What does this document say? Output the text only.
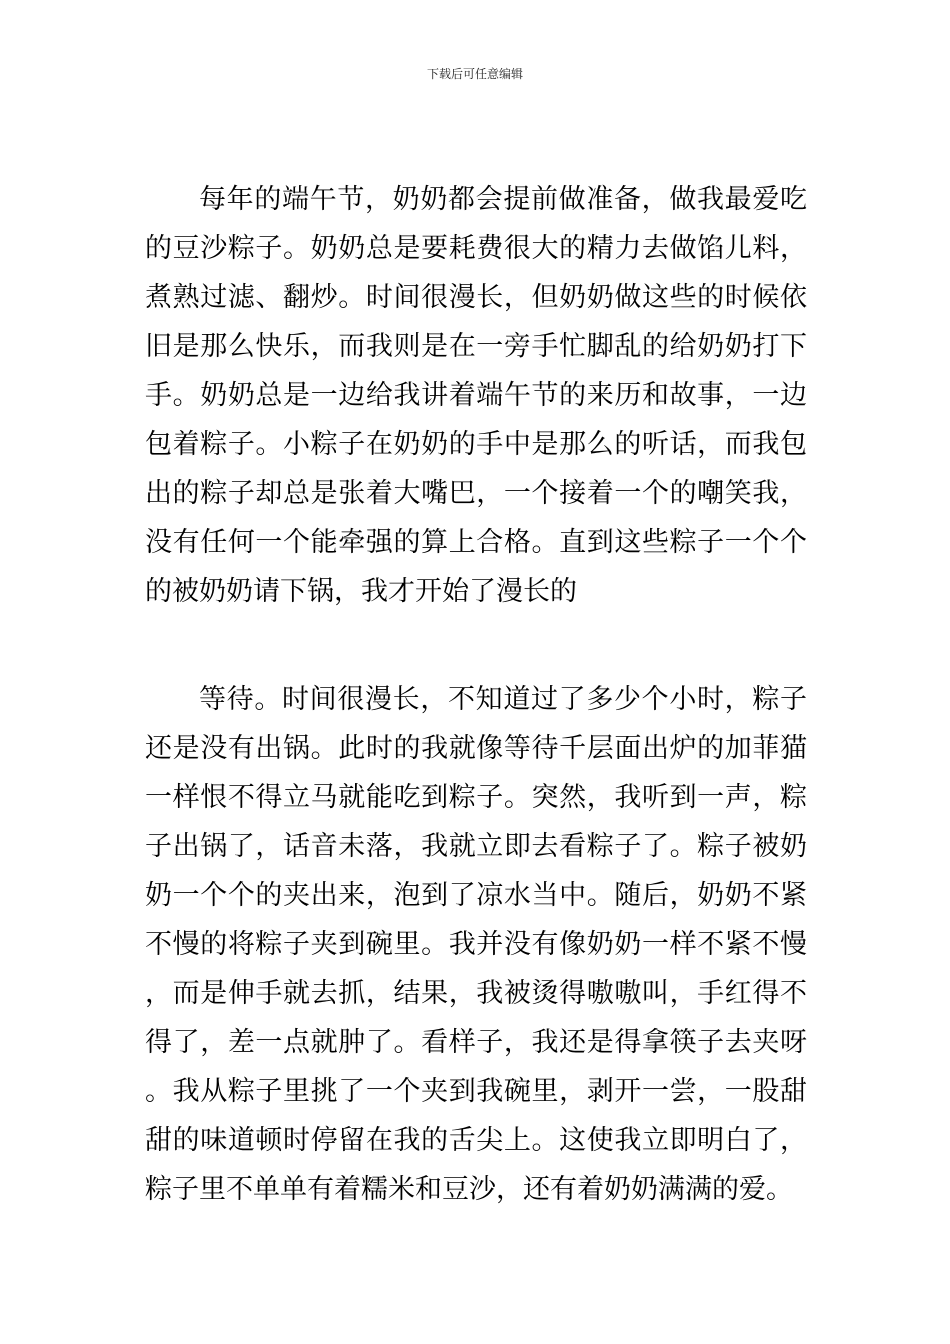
下载后可任意编辑

每年的端午节，奶奶都会提前做准备，做我最爱吃的豆沙粽子。奶奶总是要耗费很大的精力去做馅儿料，煮熟过滤、翻炒。时间很漫长，但奶奶做这些的时候依旧是那么快乐，而我则是在一旁手忙脚乱的给奶奶打下手。奶奶总是一边给我讲着端午节的来历和故事，一边包着粽子。小粽子在奶奶的手中是那么的听话，而我包出的粽子却总是张着大嘴巴，一个接着一个的嘲笑我，没有任何一个能牵强的算上合格。直到这些粽子一个个的被奶奶请下锅，我才开始了漫长的

等待。时间很漫长，不知道过了多少个小时，粽子还是没有出锅。此时的我就像等待千层面出炉的加菲猫一样恨不得立马就能吃到粽子。突然，我听到一声，粽子出锅了，话音未落，我就立即去看粽子了。粽子被奶奶一个个的夹出来，泡到了凉水当中。随后，奶奶不紧不慢的将粽子夹到碗里。我并没有像奶奶一样不紧不慢，而是伸手就去抓，结果，我被烫得嗷嗷叫，手红得不得了，差一点就肿了。看样子，我还是得拿筷子去夹呀。我从粽子里挑了一个夹到我碗里，剥开一尝，一股甜甜的味道顿时停留在我的舌尖上。这使我立即明白了，粽子里不单单有着糯米和豆沙，还有着奶奶满满的爱。
